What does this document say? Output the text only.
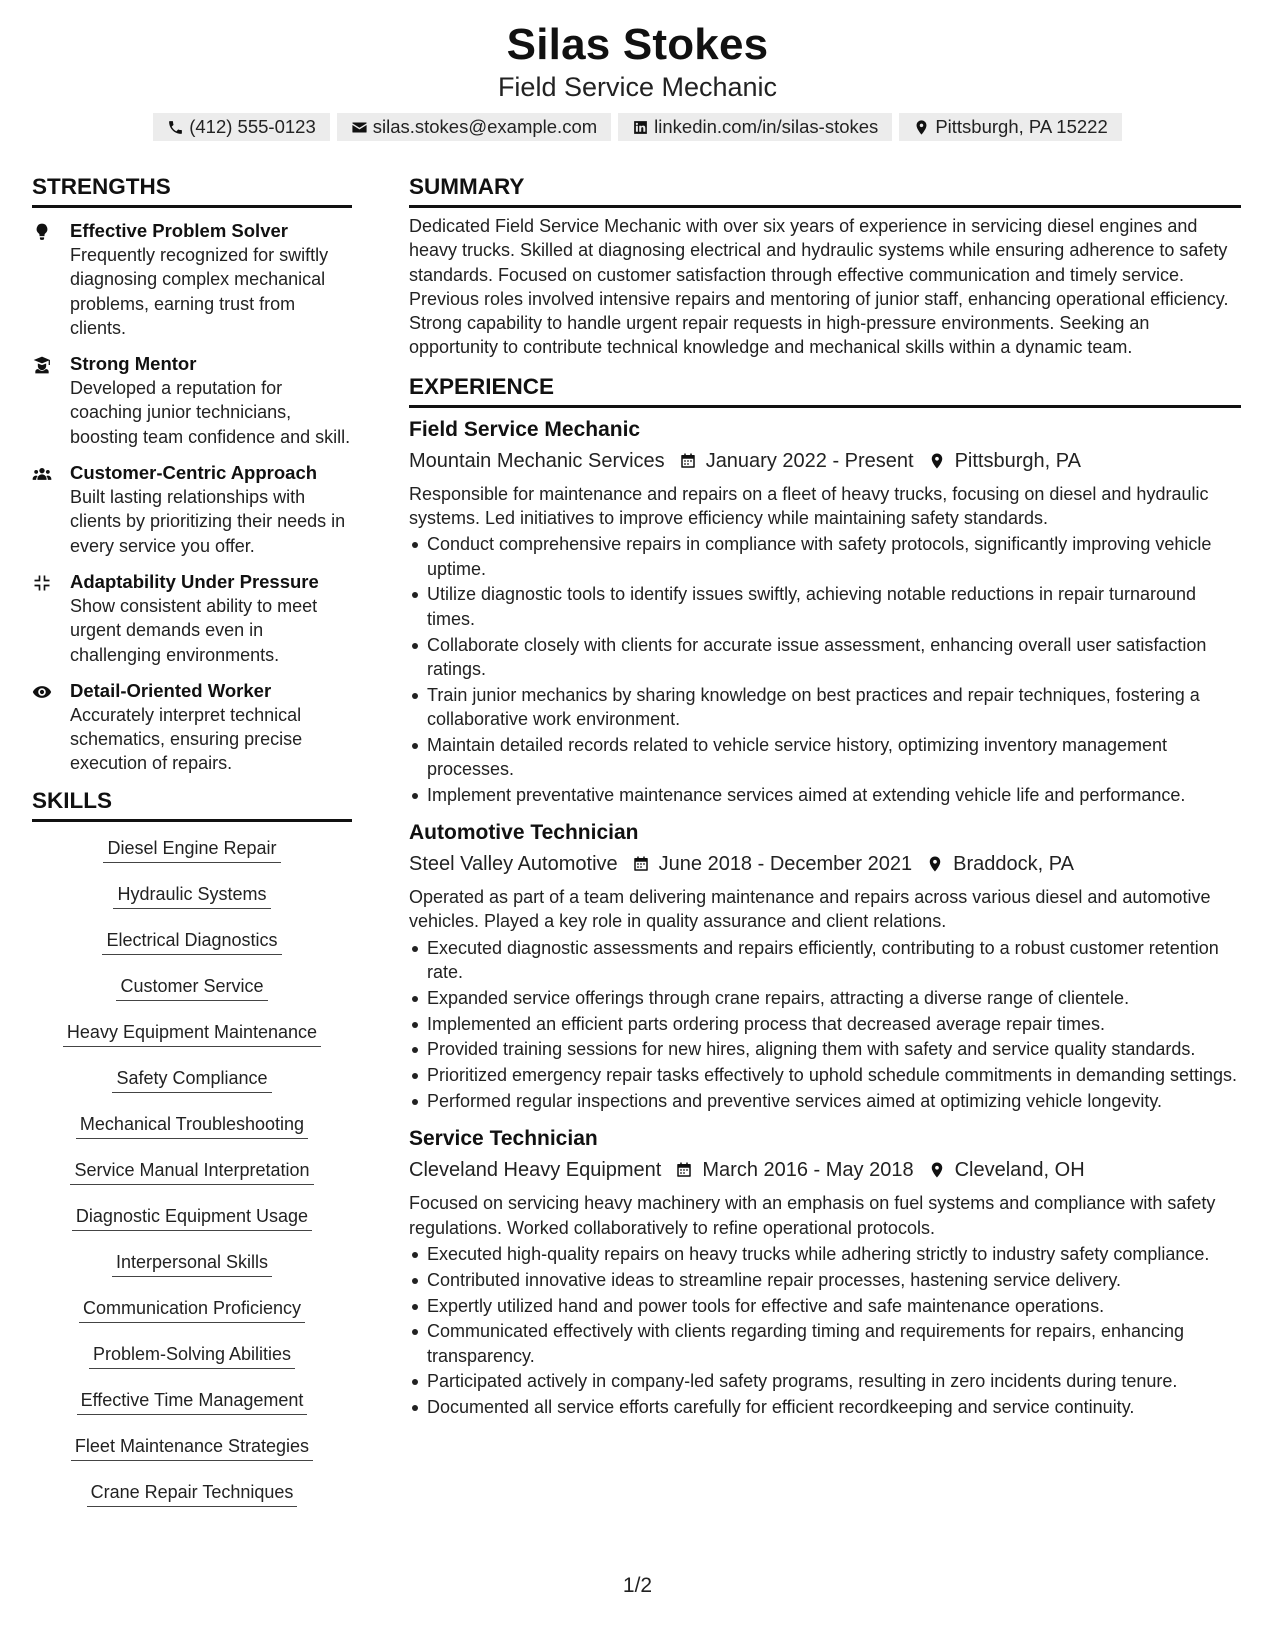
Silas Stokes
Field Service Mechanic
(412) 555-0123	silas.stokes@example.com	linkedin.com/in/silas-stokes	Pittsburgh, PA 15222
STRENGTHS
Effective Problem Solver
Frequently recognized for swiftly diagnosing complex mechanical problems, earning trust from clients.
Strong Mentor
Developed a reputation for coaching junior technicians, boosting team confidence and skill.
Customer-Centric Approach
Built lasting relationships with clients by prioritizing their needs in every service you offer.
Adaptability Under Pressure
Show consistent ability to meet urgent demands even in challenging environments.
Detail-Oriented Worker
Accurately interpret technical schematics, ensuring precise execution of repairs.
SKILLS
Diesel Engine Repair
Hydraulic Systems
Electrical Diagnostics
Customer Service
Heavy Equipment Maintenance
Safety Compliance
Mechanical Troubleshooting
Service Manual Interpretation
Diagnostic Equipment Usage
Interpersonal Skills
Communication Proficiency
Problem-Solving Abilities
Effective Time Management
Fleet Maintenance Strategies
Crane Repair Techniques
SUMMARY
Dedicated Field Service Mechanic with over six years of experience in servicing diesel engines and heavy trucks. Skilled at diagnosing electrical and hydraulic systems while ensuring adherence to safety standards. Focused on customer satisfaction through effective communication and timely service. Previous roles involved intensive repairs and mentoring of junior staff, enhancing operational efficiency. Strong capability to handle urgent repair requests in high-pressure environments. Seeking an opportunity to contribute technical knowledge and mechanical skills within a dynamic team.
EXPERIENCE
Field Service Mechanic
Mountain Mechanic Services January 2022 - Present Pittsburgh, PA
Responsible for maintenance and repairs on a fleet of heavy trucks, focusing on diesel and hydraulic systems. Led initiatives to improve efficiency while maintaining safety standards.
Conduct comprehensive repairs in compliance with safety protocols, significantly improving vehicle uptime.
Utilize diagnostic tools to identify issues swiftly, achieving notable reductions in repair turnaround times.
Collaborate closely with clients for accurate issue assessment, enhancing overall user satisfaction ratings.
Train junior mechanics by sharing knowledge on best practices and repair techniques, fostering a collaborative work environment.
Maintain detailed records related to vehicle service history, optimizing inventory management processes.
Implement preventative maintenance services aimed at extending vehicle life and performance.
Automotive Technician
Steel Valley Automotive June 2018 - December 2021 Braddock, PA
Operated as part of a team delivering maintenance and repairs across various diesel and automotive vehicles. Played a key role in quality assurance and client relations.
Executed diagnostic assessments and repairs efficiently, contributing to a robust customer retention rate.
Expanded service offerings through crane repairs, attracting a diverse range of clientele.
Implemented an efficient parts ordering process that decreased average repair times.
Provided training sessions for new hires, aligning them with safety and service quality standards.
Prioritized emergency repair tasks effectively to uphold schedule commitments in demanding settings.
Performed regular inspections and preventive services aimed at optimizing vehicle longevity.
Service Technician
Cleveland Heavy Equipment March 2016 - May 2018 Cleveland, OH
Focused on servicing heavy machinery with an emphasis on fuel systems and compliance with safety regulations. Worked collaboratively to refine operational protocols.
Executed high-quality repairs on heavy trucks while adhering strictly to industry safety compliance.
Contributed innovative ideas to streamline repair processes, hastening service delivery.
Expertly utilized hand and power tools for effective and safe maintenance operations.
Communicated effectively with clients regarding timing and requirements for repairs, enhancing transparency.
Participated actively in company-led safety programs, resulting in zero incidents during tenure.
Documented all service efforts carefully for efficient recordkeeping and service continuity.
1/2
